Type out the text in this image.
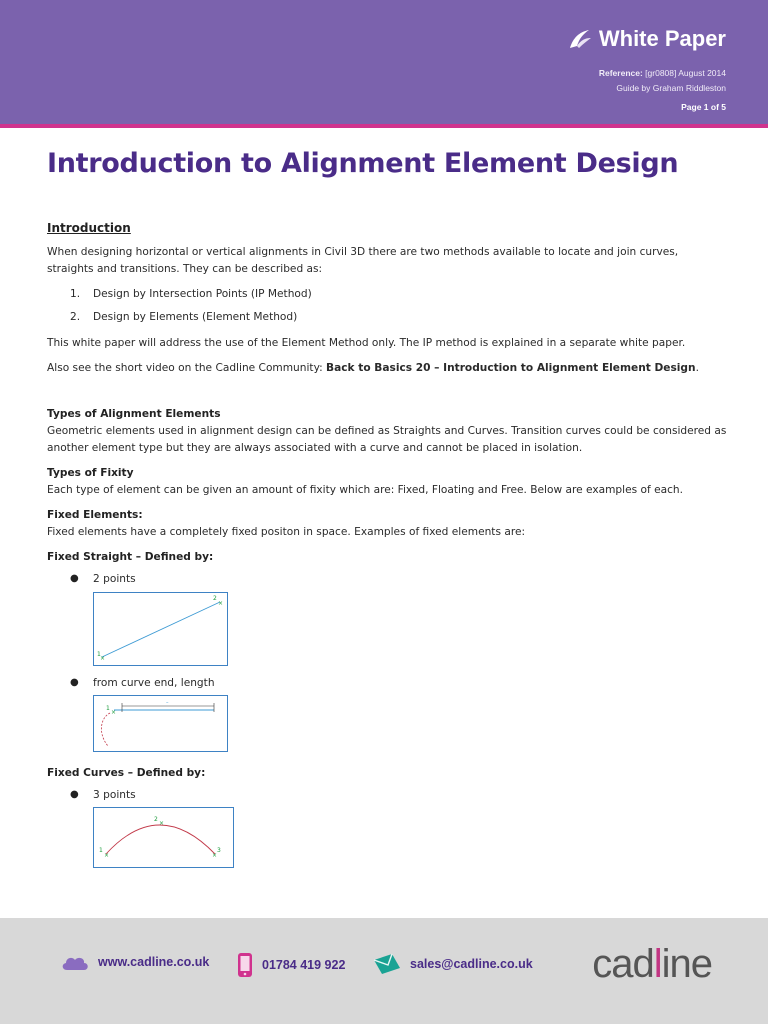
White Paper
Reference: [gr0808] August 2014
Guide by Graham Riddleston
Page 1 of 5
Introduction to Alignment Element Design
Introduction
When designing horizontal or vertical alignments in Civil 3D there are two methods available to locate and join curves, straights and transitions. They can be described as:
1. Design by Intersection Points (IP Method)
2. Design by Elements (Element Method)
This white paper will address the use of the Element Method only. The IP method is explained in a separate white paper.
Also see the short video on the Cadline Community: Back to Basics 20 – Introduction to Alignment Element Design.
Types of Alignment Elements
Geometric elements used in alignment design can be defined as Straights and Curves. Transition curves could be considered as another element type but they are always associated with a curve and cannot be placed in isolation.
Types of Fixity
Each type of element can be given an amount of fixity which are: Fixed, Floating and Free. Below are examples of each.
Fixed Elements:
Fixed elements have a completely fixed positon in space. Examples of fixed elements are:
Fixed Straight – Defined by:
● 2 points
1
×
2
×
● from curve end, length
–
1
×
Fixed Curves – Defined by:
● 3 points
1
×
2
×
3
×
www.cadline.co.uk	01784 419 922	sales@cadline.co.uk cadline
